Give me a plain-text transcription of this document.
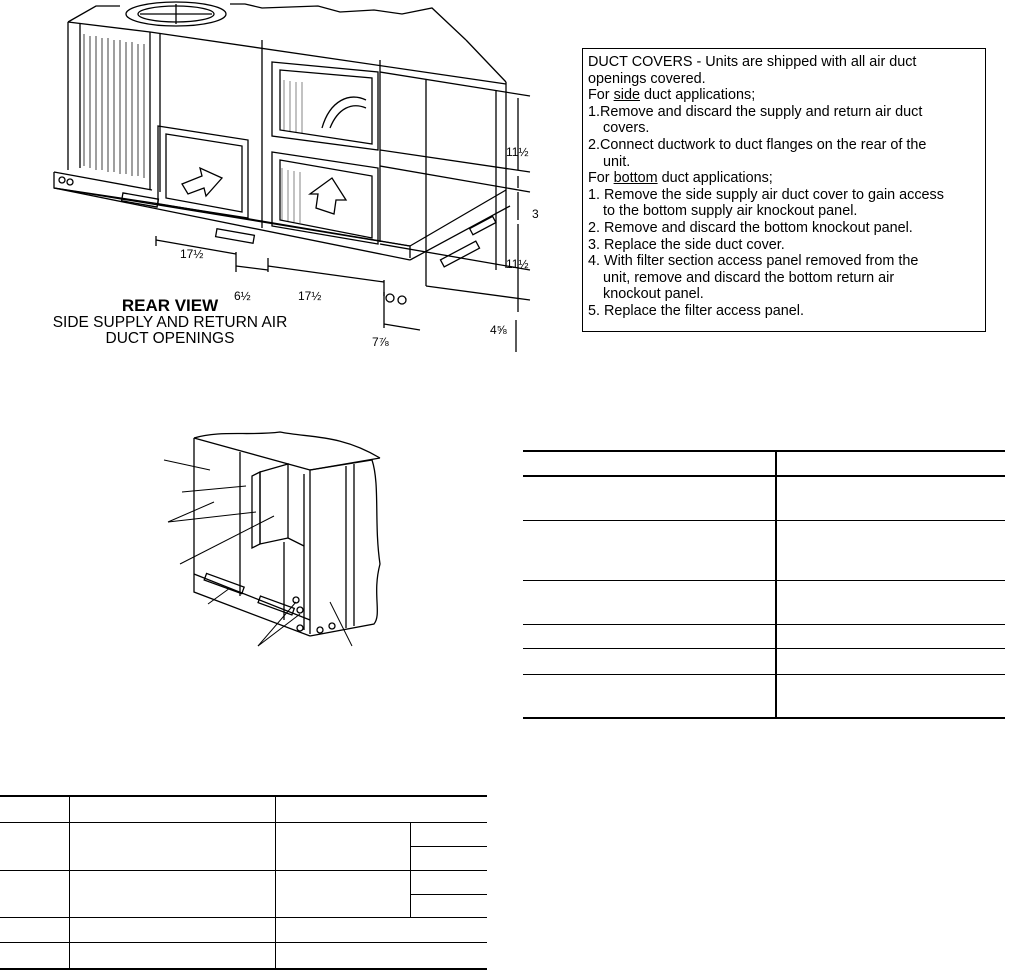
11½
3
11½
4⅝
17½
6½	17½
7⅞
REAR VIEW
SIDE SUPPLY AND RETURN AIR
DUCT OPENINGS
DUCT COVERS - Units are shipped with all air duct
openings covered.
For side duct applications;
1.Remove and discard the supply and return air duct
covers.
2.Connect ductwork to duct flanges on the rear of the
unit.
For bottom duct applications;
1. Remove the side supply air duct cover to gain access
to the bottom supply air knockout panel.
2. Remove and discard the bottom knockout panel.
3. Replace the side duct cover.
4. With filter section access panel removed from the
unit, remove and discard the bottom return air
knockout panel.
5. Replace the filter access panel.
